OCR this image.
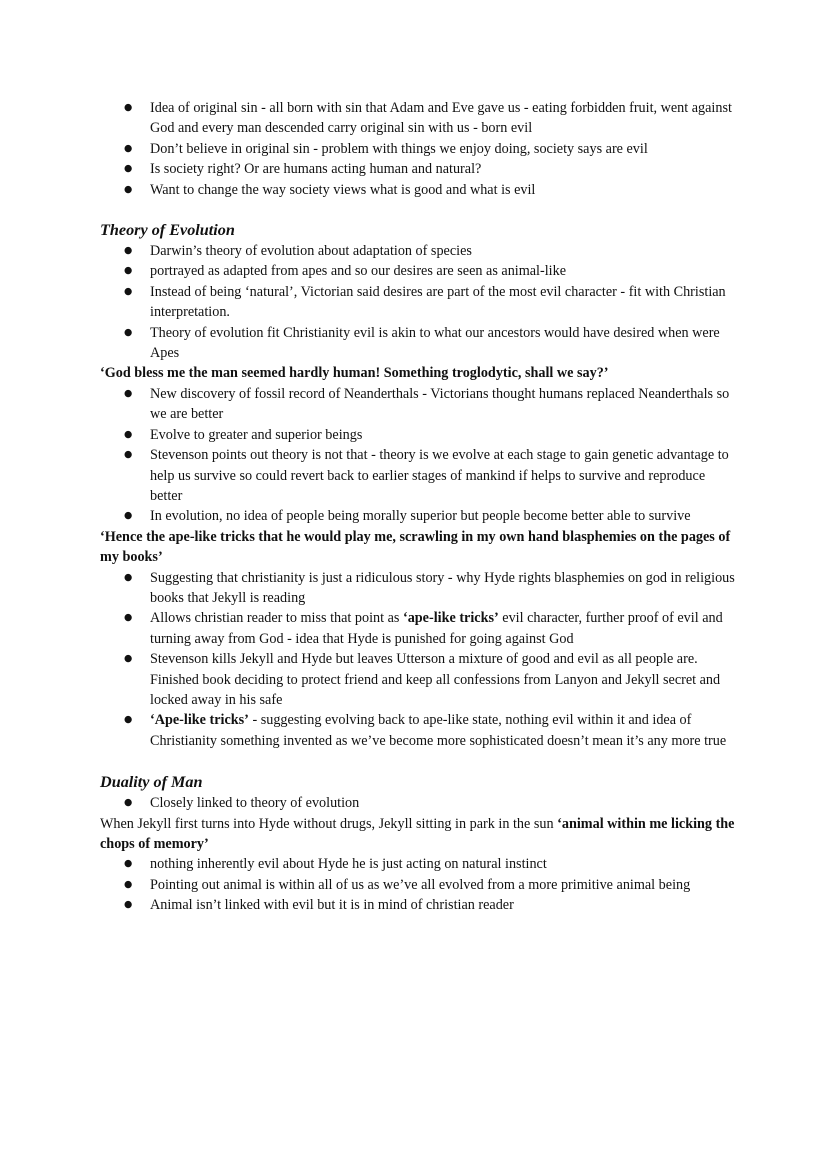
● Idea of original sin - all born with sin that Adam and Eve gave us - eating forbidden fruit, went against God and every man descended carry original sin with us - born evil
● Don’t believe in original sin - problem with things we enjoy doing, society says are evil
● Is society right? Or are humans acting human and natural?
● Want to change the way society views what is good and what is evil
Theory of Evolution
● Darwin’s theory of evolution about adaptation of species
● portrayed as adapted from apes and so our desires are seen as animal-like
● Instead of being ‘natural’, Victorian said desires are part of the most evil character - fit with Christian interpretation.
● Theory of evolution fit Christianity evil is akin to what our ancestors would have desired when were Apes

‘God bless me the man seemed hardly human! Something troglodytic, shall we say?’

● New discovery of fossil record of Neanderthals - Victorians thought humans replaced Neanderthals so we are better
● Evolve to greater and superior beings
● Stevenson points out theory is not that - theory is we evolve at each stage to gain genetic advantage to help us survive so could revert back to earlier stages of mankind if helps to survive and reproduce better
● In evolution, no idea of people being morally superior but people become better able to survive

‘Hence the ape-like tricks that he would play me, scrawling in my own hand blasphemies on the pages of my books’

● Suggesting that christianity is just a ridiculous story - why Hyde rights blasphemies on god in religious books that Jekyll is reading
● Allows christian reader to miss that point as ‘ape-like tricks’ evil character, further proof of evil and turning away from God - idea that Hyde is punished for going against God
● Stevenson kills Jekyll and Hyde but leaves Utterson a mixture of good and evil as all people are. Finished book deciding to protect friend and keep all confessions from Lanyon and Jekyll secret and locked away in his safe
● ‘Ape-like tricks’ - suggesting evolving back to ape-like state, nothing evil within it and idea of Christianity something invented as we’ve become more sophisticated doesn’t mean it’s any more true
Duality of Man
● Closely linked to theory of evolution

When Jekyll first turns into Hyde without drugs, Jekyll sitting in park in the sun ‘animal within me licking the chops of memory’

● nothing inherently evil about Hyde he is just acting on natural instinct
● Pointing out animal is within all of us as we’ve all evolved from a more primitive animal being
● Animal isn’t linked with evil but it is in mind of christian reader
